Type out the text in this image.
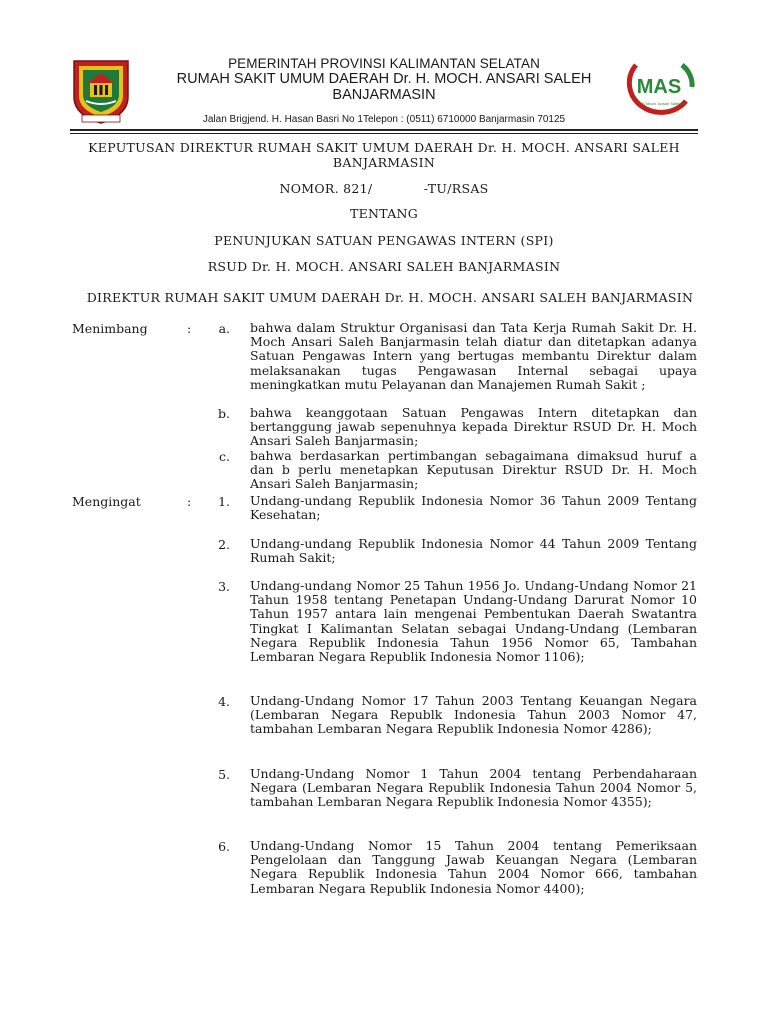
MAS
RS Moch. Ansari Saleh
PEMERINTAH PROVINSI KALIMANTAN SELATAN
RUMAH SAKIT UMUM DAERAH Dr. H. MOCH. ANSARI SALEH
BANJARMASIN
Jalan Brigjend. H. Hasan Basri No 1Telepon : (0511) 6710000 Banjarmasin 70125
KEPUTUSAN DIREKTUR RUMAH SAKIT UMUM DAERAH Dr. H. MOCH. ANSARI SALEH
BANJARMASIN
NOMOR. 821/            -TU/RSAS
TENTANG
PENUNJUKAN SATUAN PENGAWAS INTERN (SPI)
RSUD Dr. H. MOCH. ANSARI SALEH BANJARMASIN
DIREKTUR RUMAH SAKIT UMUM DAERAH Dr. H. MOCH. ANSARI SALEH BANJARMASIN
Menimbang	:	a. bahwa dalam Struktur Organisasi dan Tata Kerja Rumah Sakit Dr. H. Moch Ansari Saleh Banjarmasin telah diatur dan ditetapkan adanya Satuan Pengawas Intern yang bertugas membantu Direktur dalam melaksanakan tugas Pengawasan Internal sebagai upaya meningkatkan mutu Pelayanan dan Manajemen Rumah Sakit ;
b. bahwa keanggotaan Satuan Pengawas Intern ditetapkan dan bertanggung jawab sepenuhnya kepada Direktur RSUD Dr. H. Moch Ansari Saleh Banjarmasin;
c. bahwa berdasarkan pertimbangan sebagaimana dimaksud huruf a dan b perlu menetapkan Keputusan Direktur RSUD Dr. H. Moch Ansari Saleh Banjarmasin;
Mengingat	:	1. Undang-undang Republik Indonesia Nomor 36 Tahun 2009 Tentang Kesehatan;
2. Undang-undang Republik Indonesia Nomor 44 Tahun 2009 Tentang Rumah Sakit;
3. Undang-undang Nomor 25 Tahun 1956 Jo. Undang-Undang Nomor 21 Tahun 1958 tentang Penetapan Undang-Undang Darurat Nomor 10 Tahun 1957 antara lain mengenai Pembentukan Daerah Swatantra Tingkat I Kalimantan Selatan sebagai Undang-Undang (Lembaran Negara Republik Indonesia Tahun 1956 Nomor 65, Tambahan Lembaran Negara Republik Indonesia Nomor 1106);
4. Undang-Undang Nomor 17 Tahun 2003 Tentang Keuangan Negara (Lembaran Negara Republk Indonesia Tahun 2003 Nomor 47, tambahan Lembaran Negara Republik Indonesia Nomor 4286);
5. Undang-Undang Nomor 1 Tahun 2004 tentang Perbendaharaan Negara (Lembaran Negara Republik Indonesia Tahun 2004 Nomor 5, tambahan Lembaran Negara Republik Indonesia Nomor 4355);
6. Undang-Undang Nomor 15 Tahun 2004 tentang Pemeriksaan Pengelolaan dan Tanggung Jawab Keuangan Negara (Lembaran Negara Republik Indonesia Tahun 2004 Nomor 666, tambahan Lembaran Negara Republik Indonesia Nomor 4400);
